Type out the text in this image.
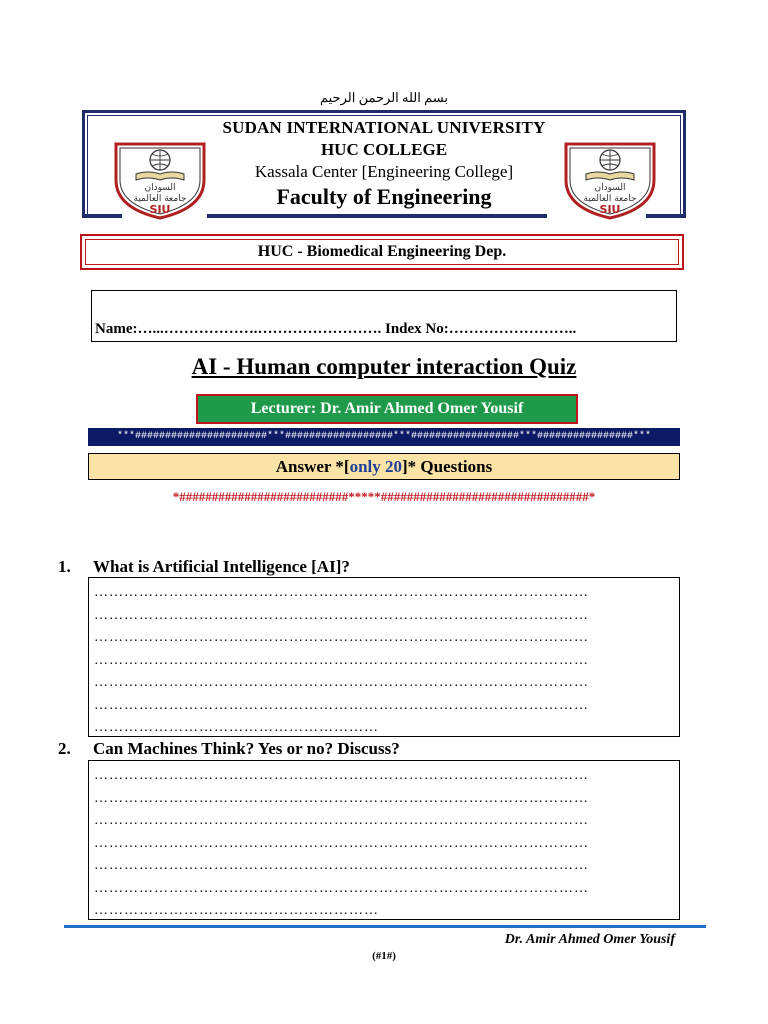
بسم الله الرحمن الرحيم
SUDAN INTERNATIONAL UNIVERSITY
HUC COLLEGE
Kassala Center [Engineering College]
Faculty of Engineering
السودان
جامعة العالمية
SIU
السودان
جامعة العالمية
SIU
HUC - Biomedical Engineering Dep.
Name:…...……………….……………………. Index No:……………………..
AI - Human computer interaction Quiz
Lecturer: Dr. Amir Ahmed Omer Yousif
***######################***##################***##################***################***
Answer *[only 20]* Questions
*##########################*****################################*
1. What is Artificial Intelligence [AI]?
………………………………………………………………………………………
………………………………………………………………………………………
………………………………………………………………………………………
………………………………………………………………………………………
………………………………………………………………………………………
………………………………………………………………………………………
…………………………………………………
2. Can Machines Think? Yes or no? Discuss?
………………………………………………………………………………………
………………………………………………………………………………………
………………………………………………………………………………………
………………………………………………………………………………………
………………………………………………………………………………………
………………………………………………………………………………………
…………………………………………………
Dr. Amir Ahmed Omer Yousif
(#1#)
